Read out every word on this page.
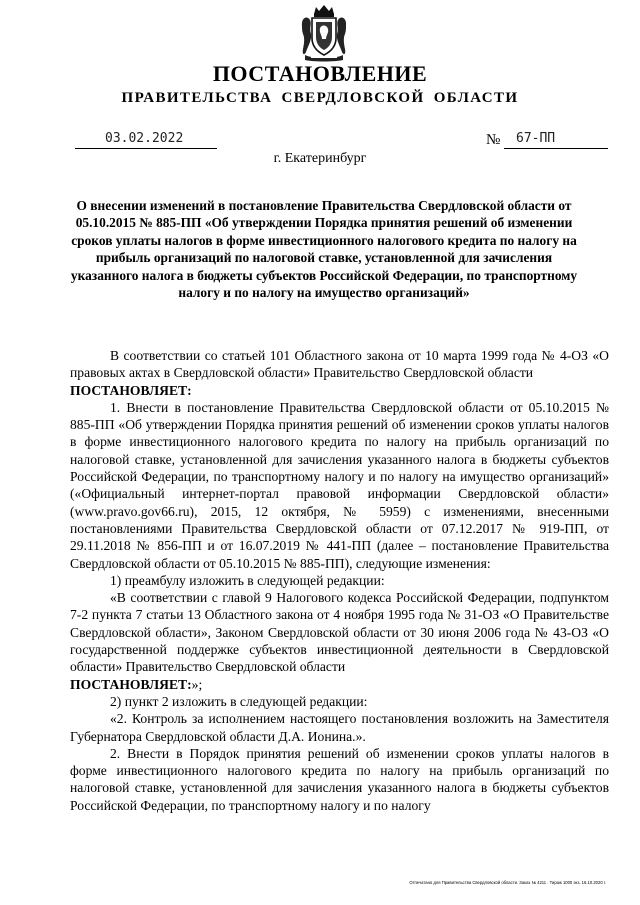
ПОСТАНОВЛЕНИЕ
ПРАВИТЕЛЬСТВА СВЕРДЛОВСКОЙ ОБЛАСТИ
03.02.2022	№ 67-ПП
г. Екатеринбург
О внесении изменений в постановление Правительства Свердловской области от 05.10.2015 № 885-ПП «Об утверждении Порядка принятия решений об изменении сроков уплаты налогов в форме инвестиционного налогового кредита по налогу на прибыль организаций по налоговой ставке, установленной для зачисления указанного налога в бюджеты субъектов Российской Федерации, по транспортному налогу и по налогу на имущество организаций»

В соответствии со статьей 101 Областного закона от 10 марта 1999 года № 4-ОЗ «О правовых актах в Свердловской области» Правительство Свердловской области

ПОСТАНОВЛЯЕТ:

1. Внести в постановление Правительства Свердловской области от 05.10.2015 № 885-ПП «Об утверждении Порядка принятия решений об изменении сроков уплаты налогов в форме инвестиционного налогового кредита по налогу на прибыль организаций по налоговой ставке, установленной для зачисления указанного налога в бюджеты субъектов Российской Федерации, по транспортному налогу и по налогу на имущество организаций» («Официальный интернет-портал правовой информации Свердловской области» (www.pravo.gov66.ru), 2015, 12 октября, № 5959) с изменениями, внесенными постановлениями Правительства Свердловской области от 07.12.2017 № 919-ПП, от 29.11.2018 № 856-ПП и от 16.07.2019 № 441-ПП (далее – постановление Правительства Свердловской области от 05.10.2015 № 885-ПП), следующие изменения:

1) преамбулу изложить в следующей редакции:

«В соответствии с главой 9 Налогового кодекса Российской Федерации, подпунктом 7-2 пункта 7 статьи 13 Областного закона от 4 ноября 1995 года № 31-ОЗ «О Правительстве Свердловской области», Законом Свердловской области от 30 июня 2006 года № 43-ОЗ «О государственной поддержке субъектов инвестиционной деятельности в Свердловской области» Правительство Свердловской области

ПОСТАНОВЛЯЕТ:»;

2) пункт 2 изложить в следующей редакции:

«2. Контроль за исполнением настоящего постановления возложить на Заместителя Губернатора Свердловской области Д.А. Ионина.».

2. Внести в Порядок принятия решений об изменении сроков уплаты налогов в форме инвестиционного налогового кредита по налогу на прибыль организаций по налоговой ставке, установленной для зачисления указанного налога в бюджеты субъектов Российской Федерации, по транспортному налогу и по налогу

Отпечатано для Правительства Свердловской области. Заказ № 4211 . Тираж 1000 экз. 16.10.2020 г.
